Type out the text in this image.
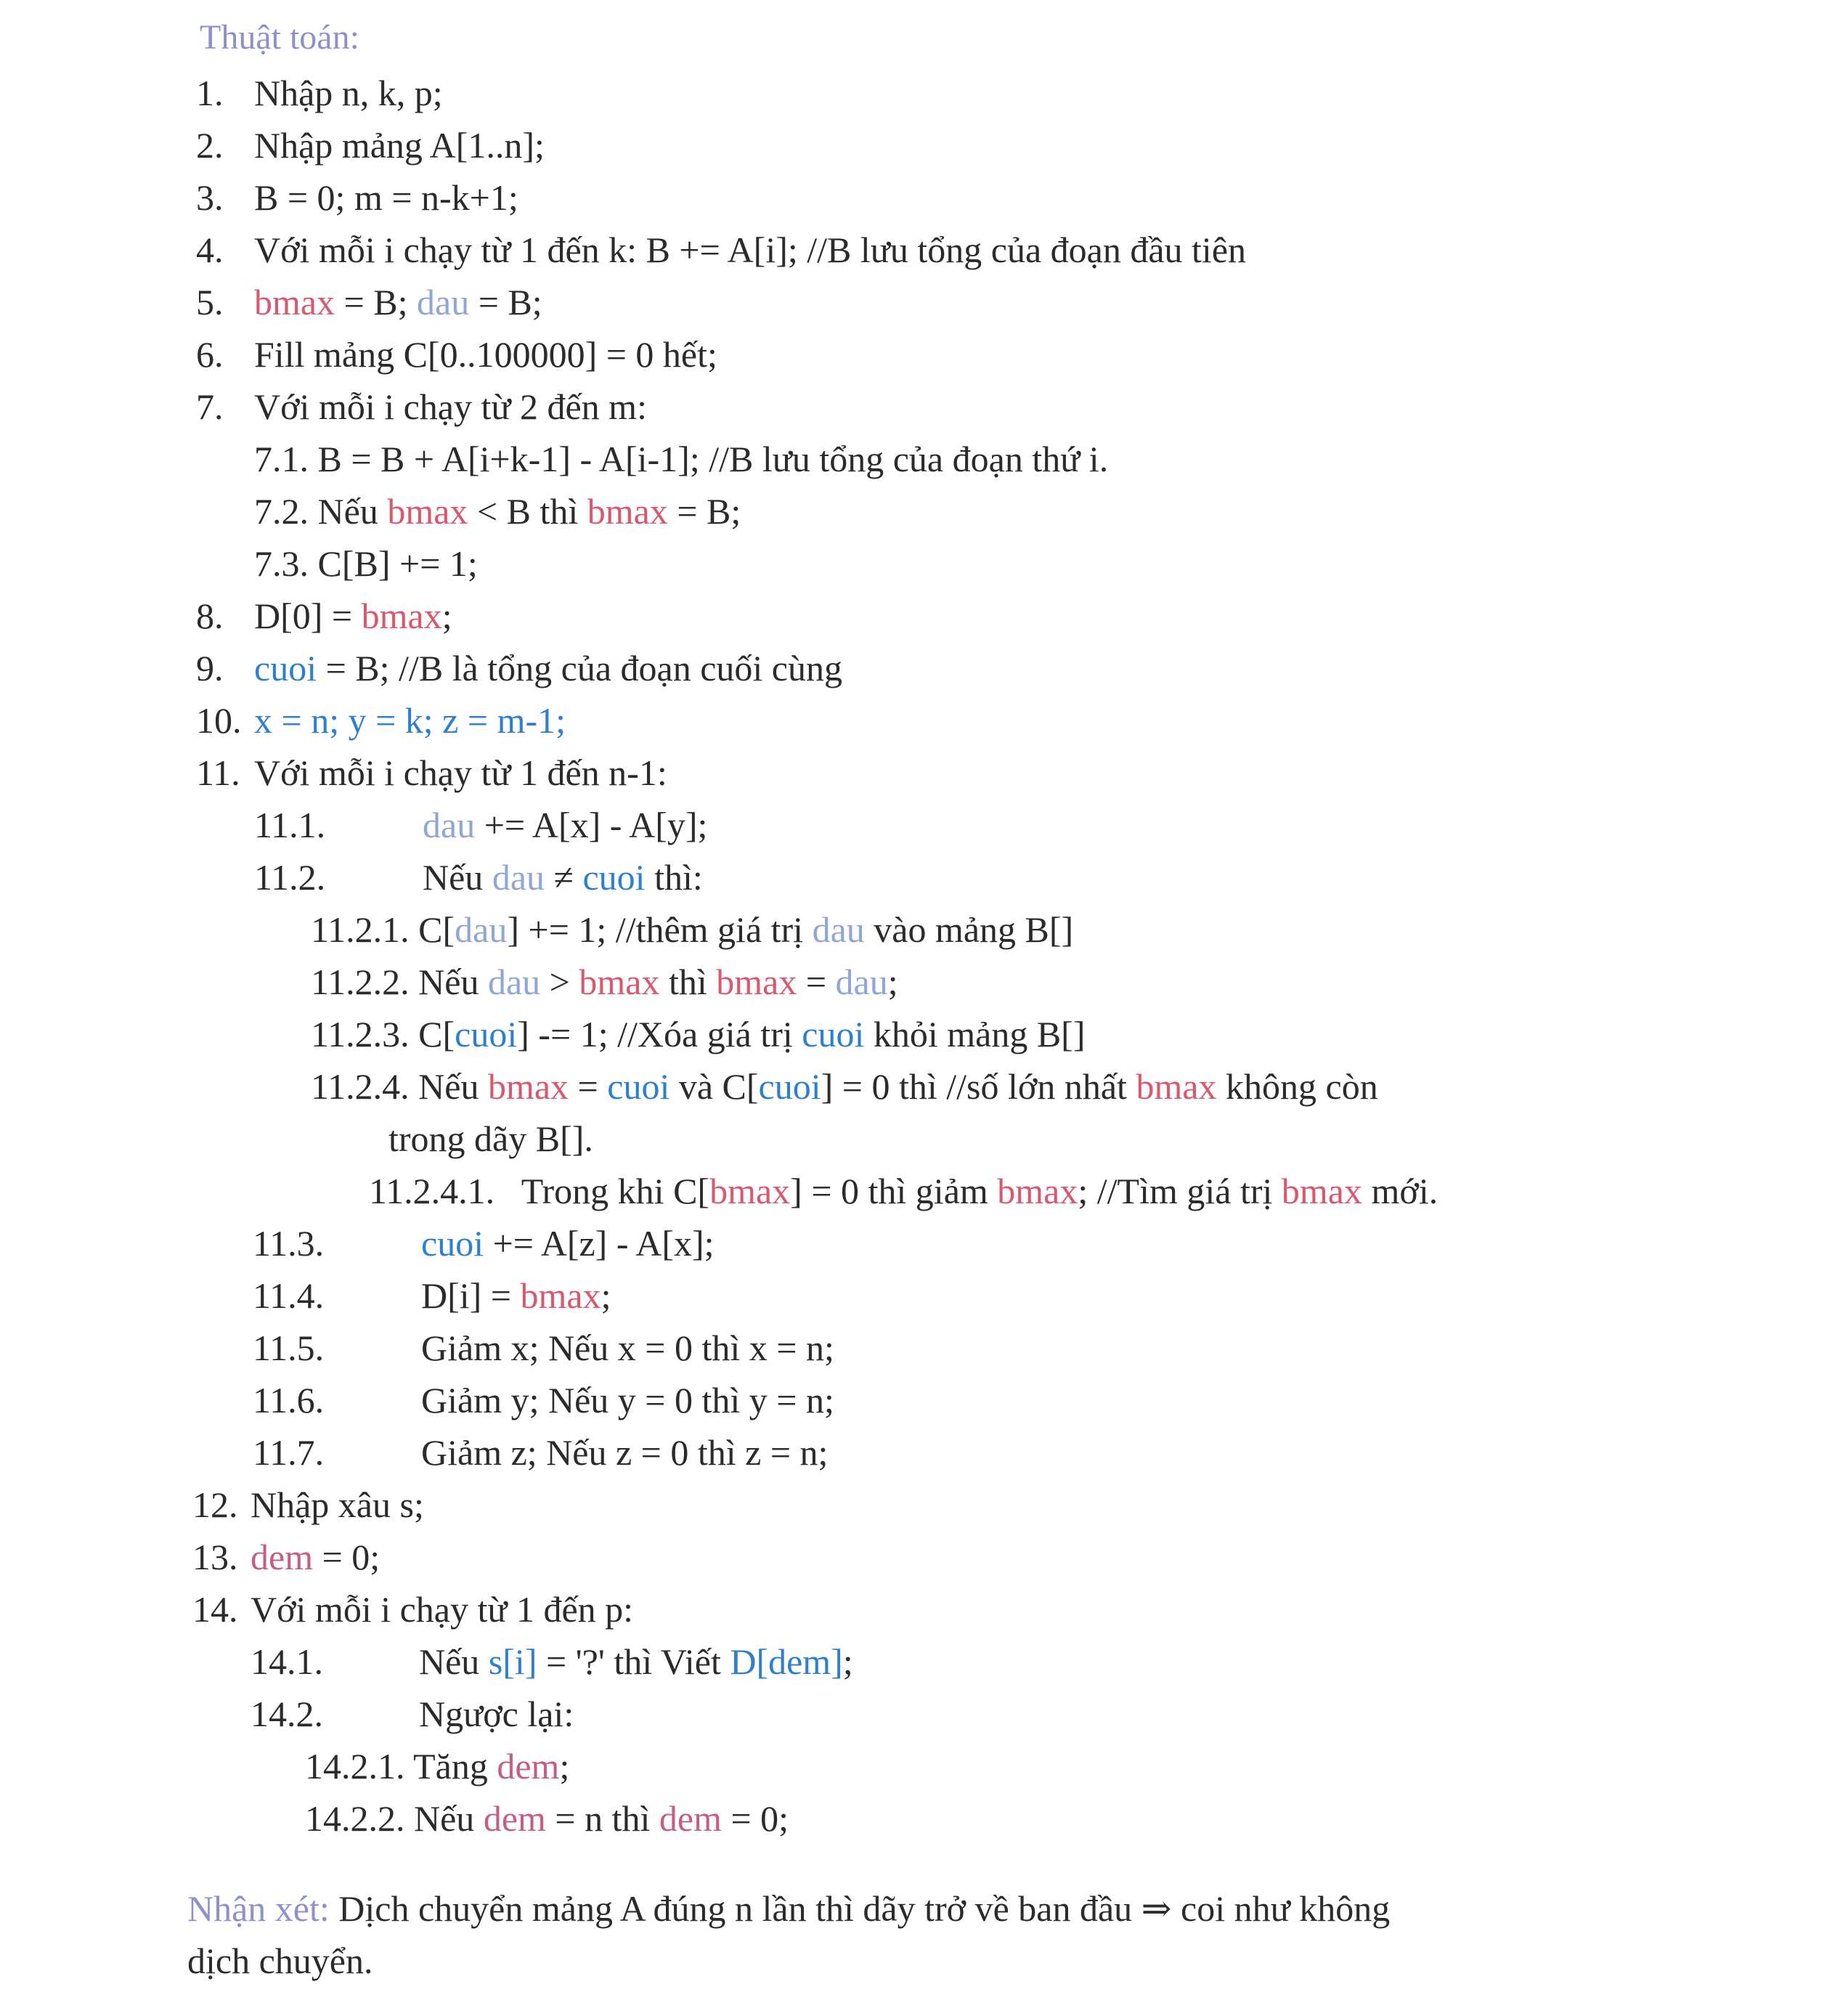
Thuật toán:
1. Nhập n, k, p;
2. Nhập mảng A[1..n];
3. B = 0; m = n-k+1;
4. Với mỗi i chạy từ 1 đến k: B += A[i]; //B lưu tổng của đoạn đầu tiên
5. bmax = B; dau = B;
6. Fill mảng C[0..100000] = 0 hết;
7. Với mỗi i chạy từ 2 đến m:
7.1. B = B + A[i+k-1] - A[i-1]; //B lưu tổng của đoạn thứ i.
7.2. Nếu bmax < B thì bmax = B;
7.3. C[B] += 1;
8. D[0] = bmax;
9. cuoi = B; //B là tổng của đoạn cuối cùng
10. x = n; y = k; z = m-1;
11. Với mỗi i chạy từ 1 đến n-1:
11.1.	dau += A[x] - A[y];
11.2.	Nếu dau ≠ cuoi thì:
11.2.1. C[dau] += 1; //thêm giá trị dau vào mảng B[]
11.2.2. Nếu dau > bmax thì bmax = dau;
11.2.3. C[cuoi] -= 1; //Xóa giá trị cuoi khỏi mảng B[]
11.2.4. Nếu bmax = cuoi và C[cuoi] = 0 thì //số lớn nhất bmax không còn
trong dãy B[].
11.2.4.1.   Trong khi C[bmax] = 0 thì giảm bmax; //Tìm giá trị bmax mới.
11.3.	cuoi += A[z] - A[x];
11.4.	D[i] = bmax;
11.5.	Giảm x; Nếu x = 0 thì x = n;
11.6.	Giảm y; Nếu y = 0 thì y = n;
11.7.	Giảm z; Nếu z = 0 thì z = n;
12. Nhập xâu s;
13. dem = 0;
14. Với mỗi i chạy từ 1 đến p:
14.1.	Nếu s[i] = '?' thì Viết D[dem];
14.2.	Ngược lại:
14.2.1. Tăng dem;
14.2.2. Nếu dem = n thì dem = 0;
Nhận xét: Dịch chuyển mảng A đúng n lần thì dãy trở về ban đầu ⇒ coi như không
dịch chuyển.
